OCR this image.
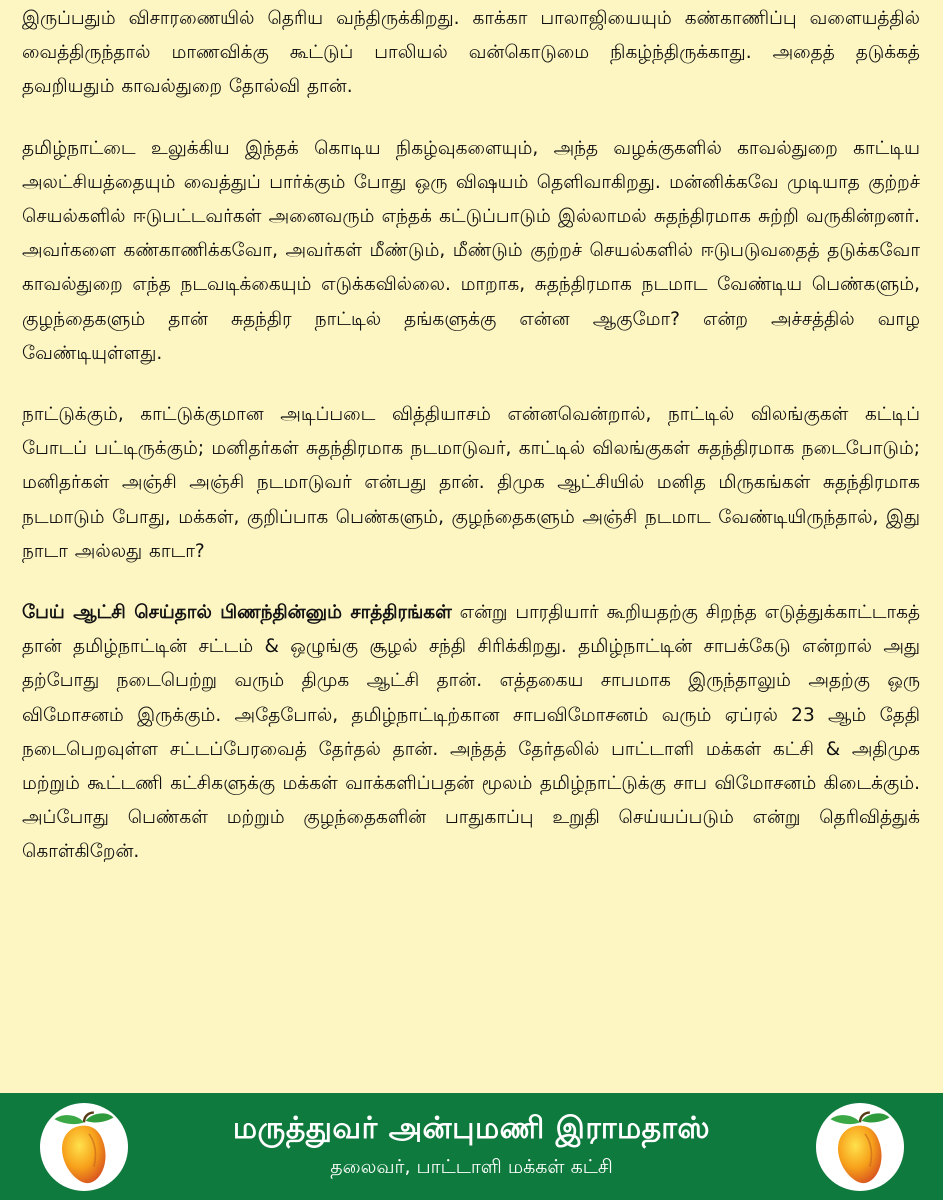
இருப்பதும் விசாரணையில் தெரிய வந்திருக்கிறது. காக்கா பாலாஜியையும் கண்காணிப்பு வளையத்தில் வைத்திருந்தால் மாணவிக்கு கூட்டுப் பாலியல் வன்கொடுமை நிகழ்ந்திருக்காது. அதைத் தடுக்கத் தவறியதும் காவல்துறை தோல்வி தான்.

தமிழ்நாட்டை உலுக்கிய இந்தக் கொடிய நிகழ்வுகளையும், அந்த வழக்குகளில் காவல்துறை காட்டிய அலட்சியத்தையும் வைத்துப் பார்க்கும் போது ஒரு விஷயம் தெளிவாகிறது. மன்னிக்கவே முடியாத குற்றச் செயல்களில் ஈடுபட்டவர்கள் அனைவரும் எந்தக் கட்டுப்பாடும் இல்லாமல் சுதந்திரமாக சுற்றி வருகின்றனர். அவர்களை கண்காணிக்கவோ, அவர்கள் மீண்டும், மீண்டும் குற்றச் செயல்களில் ஈடுபடுவதைத் தடுக்கவோ காவல்துறை எந்த நடவடிக்கையும் எடுக்கவில்லை. மாறாக, சுதந்திரமாக நடமாட வேண்டிய பெண்களும், குழந்தைகளும் தான் சுதந்திர நாட்டில் தங்களுக்கு என்ன ஆகுமோ? என்ற அச்சத்தில் வாழ வேண்டியுள்ளது.

நாட்டுக்கும், காட்டுக்குமான அடிப்படை வித்தியாசம் என்னவென்றால், நாட்டில் விலங்குகள் கட்டிப் போடப் பட்டிருக்கும்; மனிதர்கள் சுதந்திரமாக நடமாடுவர், காட்டில் விலங்குகள் சுதந்திரமாக நடைபோடும்; மனிதர்கள் அஞ்சி அஞ்சி நடமாடுவர் என்பது தான். திமுக ஆட்சியில் மனித மிருகங்கள் சுதந்திரமாக நடமாடும் போது, மக்கள், குறிப்பாக பெண்களும், குழந்தைகளும் அஞ்சி நடமாட வேண்டியிருந்தால், இது நாடா அல்லது காடா?

பேய் ஆட்சி செய்தால் பிணந்தின்னும் சாத்திரங்கள் என்று பாரதியார் கூறியதற்கு சிறந்த எடுத்துக்காட்டாகத் தான் தமிழ்நாட்டின் சட்டம் & ஒழுங்கு சூழல் சந்தி சிரிக்கிறது. தமிழ்நாட்டின் சாபக்கேடு என்றால் அது தற்போது நடைபெற்று வரும் திமுக ஆட்சி தான். எத்தகைய சாபமாக இருந்தாலும் அதற்கு ஒரு விமோசனம் இருக்கும். அதேபோல், தமிழ்நாட்டிற்கான சாபவிமோசனம் வரும் ஏப்ரல் 23 ஆம் தேதி நடைபெறவுள்ள சட்டப்பேரவைத் தேர்தல் தான். அந்தத் தேர்தலில் பாட்டாளி மக்கள் கட்சி & அதிமுக மற்றும் கூட்டணி கட்சிகளுக்கு மக்கள் வாக்களிப்பதன் மூலம் தமிழ்நாட்டுக்கு சாப விமோசனம் கிடைக்கும். அப்போது பெண்கள் மற்றும் குழந்தைகளின் பாதுகாப்பு உறுதி செய்யப்படும் என்று தெரிவித்துக் கொள்கிறேன்.

மருத்துவர் அன்புமணி இராமதாஸ்
தலைவர், பாட்டாளி மக்கள் கட்சி
